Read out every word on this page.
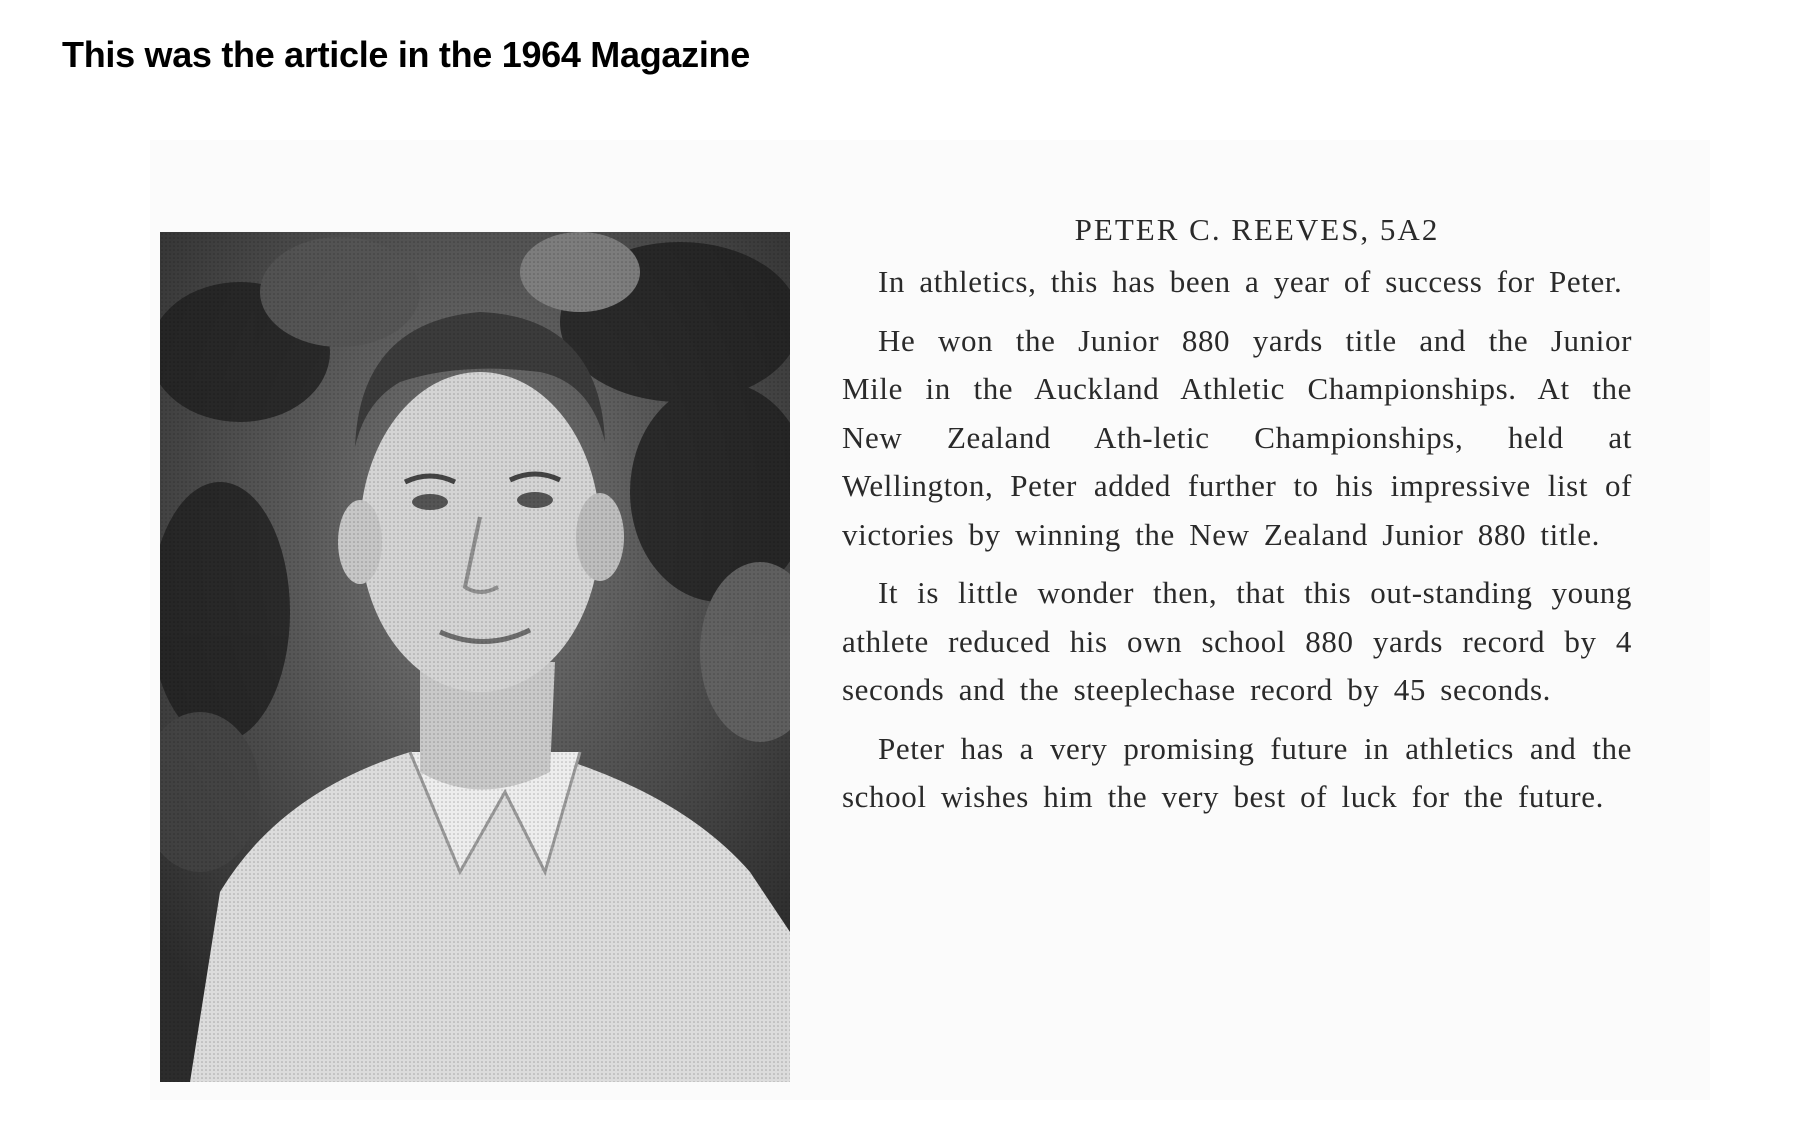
This was the article in the 1964 Magazine
PETER C. REEVES, 5A2

In athletics, this has been a year of success for Peter.

He won the Junior 880 yards title and the Junior Mile in the Auckland Athletic Championships. At the New Zealand Ath-letic Championships, held at Wellington, Peter added further to his impressive list of victories by winning the New Zealand Junior 880 title.

It is little wonder then, that this out-standing young athlete reduced his own school 880 yards record by 4 seconds and the steeplechase record by 45 seconds.

Peter has a very promising future in athletics and the school wishes him the very best of luck for the future.
